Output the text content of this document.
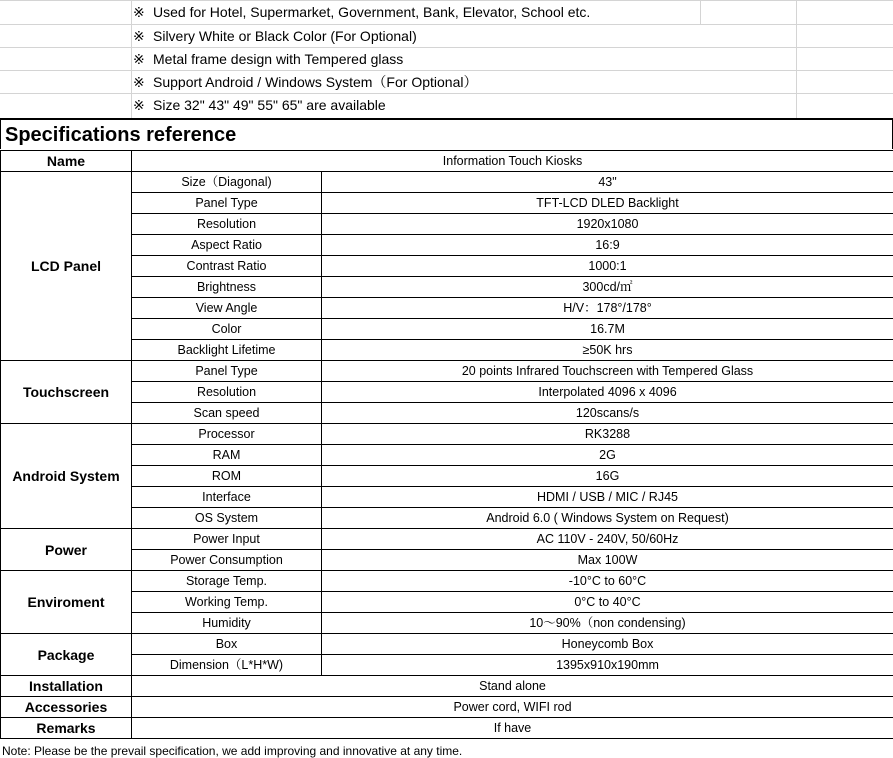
※ Used for Hotel, Supermarket, Government, Bank, Elevator, School etc.
※ Silvery White or Black Color (For Optional)
※ Metal frame design with Tempered glass
※ Support Android / Windows System（For Optional）
※ Size 32" 43" 49" 55" 65" are available
Specifications reference
Name	Information Touch Kiosks	
LCD Panel	Size（Diagonal)	43"
	Panel Type	TFT-LCD DLED Backlight
	Resolution	1920x1080
	Aspect Ratio	16:9
	Contrast Ratio	1000:1
	Brightness	300cd/㎡
	View Angle	H/V：178°/178°
	Color	16.7M
	Backlight Lifetime	≥50K hrs
Touchscreen	Panel Type	20 points Infrared Touchscreen with Tempered Glass
	Resolution	Interpolated 4096 x 4096
	Scan speed	120scans/s
Android System	Processor	RK3288
	RAM	2G
	ROM	16G
	Interface	HDMI / USB / MIC / RJ45
	OS System	Android 6.0 ( Windows System on Request)
Power	Power Input	AC 110V - 240V, 50/60Hz
	Power Consumption	Max 100W
Enviroment	Storage Temp.	-10°C to 60°C
	Working Temp.	0°C to 40°C
	Humidity	10～90%（non condensing)
Package	Box	Honeycomb Box
	Dimension（L*H*W)	1395x910x190mm
Installation	Stand alone	
Accessories	Power cord, WIFI rod	
Remarks	If have	
Note: Please be the prevail specification, we add improving and innovative at any time.
